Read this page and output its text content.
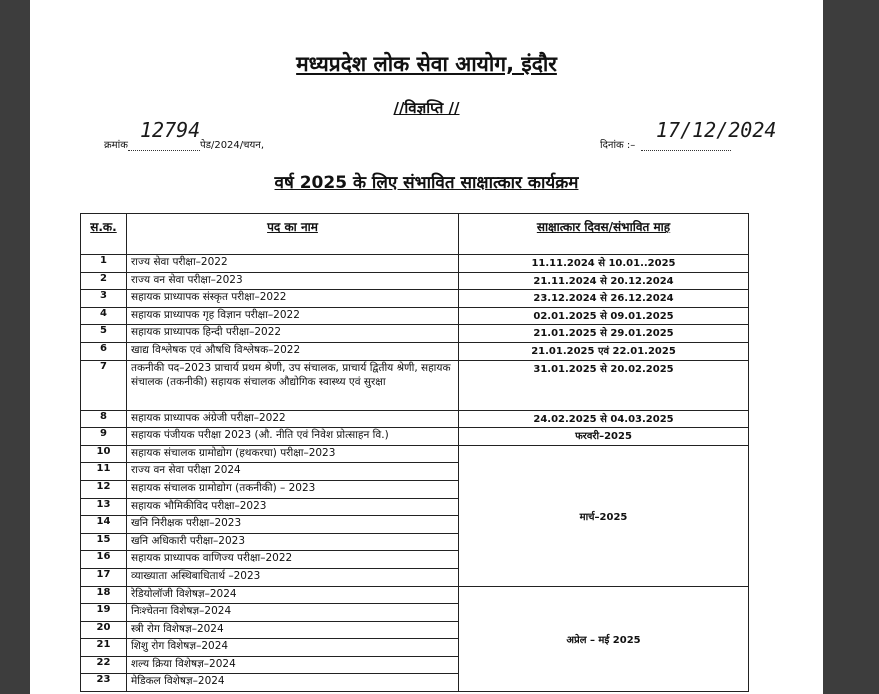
मध्यप्रदेश लोक सेवा आयोग, इंदौर
//विज्ञप्ति //
क्रमांक	पेड/2024/चयन,
12794
दिनांक :–
17/12/2024
वर्ष 2025 के लिए संभावित साक्षात्कार कार्यक्रम
स.क.	पद का नाम	साक्षात्कार दिवस/संभावित माह
1	राज्य सेवा परीक्षा–2022	11.11.2024 से 10.01..2025
2	राज्य वन सेवा परीक्षा–2023	21.11.2024 से 20.12.2024
3	सहायक प्राध्यापक संस्कृत परीक्षा–2022	23.12.2024 से 26.12.2024
4	सहायक प्राध्यापक गृह विज्ञान परीक्षा–2022	02.01.2025 से 09.01.2025
5	सहायक प्राध्यापक हिन्दी परीक्षा–2022	21.01.2025 से 29.01.2025
6	खाद्य विश्लेषक एवं औषधि विश्लेषक–2022	21.01.2025 एवं 22.01.2025
7	तकनीकी पद–2023 प्राचार्य प्रथम श्रेणी, उप संचालक, प्राचार्य द्वितीय श्रेणी, सहायक संचालक (तकनीकी) सहायक संचालक औद्योगिक स्वास्थ्य एवं सुरक्षा	31.01.2025 से 20.02.2025
8	सहायक प्राध्यापक अंग्रेजी परीक्षा–2022	24.02.2025 से 04.03.2025
9	सहायक पंजीयक परीक्षा 2023 (औ. नीति एवं निवेश प्रोत्साहन वि.)	फरवरी–2025
10	सहायक संचालक ग्रामोद्योग (हथकरघा) परीक्षा–2023	मार्च–2025
11	राज्य वन सेवा परीक्षा 2024	
12	सहायक संचालक ग्रामोद्योग (तकनीकी) – 2023	
13	सहायक भौमिकीविद परीक्षा–2023	
14	खनि निरीक्षक परीक्षा–2023	
15	खनि अधिकारी परीक्षा–2023	
16	सहायक प्राध्यापक वाणिज्य परीक्षा–2022	
17	व्याख्याता अस्थिबाधितार्थ –2023	
18	रेडियोलॉजी विशेषज्ञ–2024	अप्रेल – मई 2025
19	निःश्चेतना विशेषज्ञ–2024	
20	स्त्री रोग विशेषज्ञ–2024	
21	शिशु रोग विशेषज्ञ–2024	
22	शल्य क्रिया विशेषज्ञ–2024	
23	मेडिकल विशेषज्ञ–2024	
